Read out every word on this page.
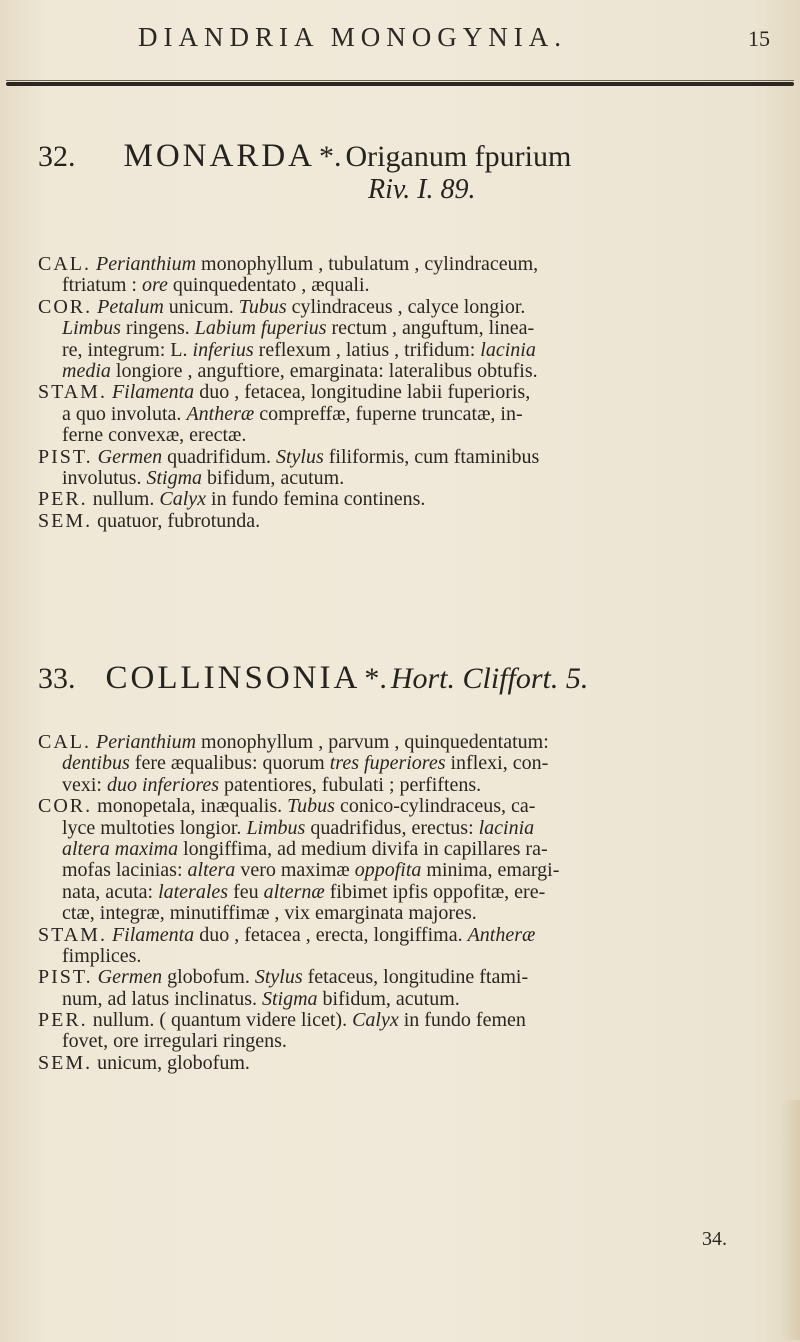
DIANDRIA MONOGYNIA.	15
32. MONARDA *. Origanum fpurium
Riv. I. 89.
CAL. Perianthium monophyllum , tubulatum , cylindraceum,
ftriatum : ore quinquedentato , æquali.
COR. Petalum unicum. Tubus cylindraceus , calyce longior.
Limbus ringens. Labium fuperius rectum , anguftum, linea-
re, integrum: L. inferius reflexum , latius , trifidum: lacinia
media longiore , anguftiore, emarginata: lateralibus obtufis.
STAM. Filamenta duo , fetacea, longitudine labii fuperioris,
a quo involuta. Antheræ compreffæ, fuperne truncatæ, in-
ferne convexæ, erectæ.
PIST. Germen quadrifidum. Stylus filiformis, cum ftaminibus
involutus. Stigma bifidum, acutum.
PER. nullum. Calyx in fundo femina continens.
SEM. quatuor, fubrotunda.
33. COLLINSONIA *. Hort. Cliffort. 5.
CAL. Perianthium monophyllum , parvum , quinquedentatum:
dentibus fere æqualibus: quorum tres fuperiores inflexi, con-
vexi: duo inferiores patentiores, fubulati ; perfiftens.
COR. monopetala, inæqualis. Tubus conico-cylindraceus, ca-
lyce multoties longior. Limbus quadrifidus, erectus: lacinia
altera maxima longiffima, ad medium divifa in capillares ra-
mofas lacinias: altera vero maximæ oppofita minima, emargi-
nata, acuta: laterales feu alternæ fibimet ipfis oppofitæ, ere-
ctæ, integræ, minutiffimæ , vix emarginata majores.
STAM. Filamenta duo , fetacea , erecta, longiffima. Antheræ
fimplices.
PIST. Germen globofum. Stylus fetaceus, longitudine ftami-
num, ad latus inclinatus. Stigma bifidum, acutum.
PER. nullum. ( quantum videre licet). Calyx in fundo femen
fovet, ore irregulari ringens.
SEM. unicum, globofum.
34.
